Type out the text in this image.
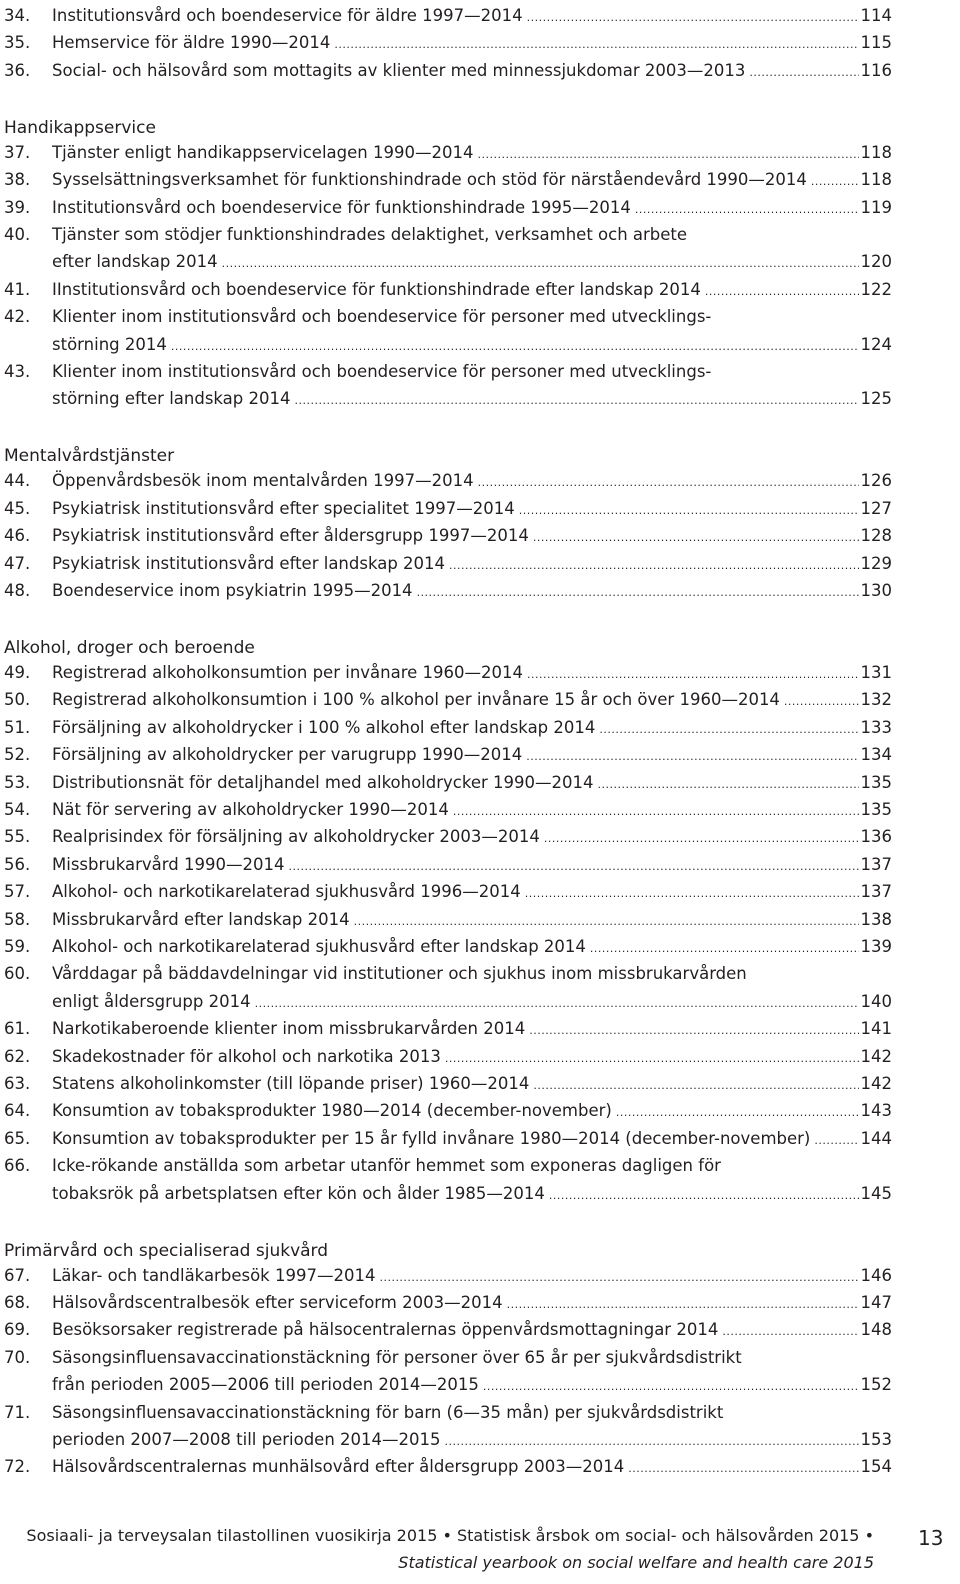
34.	Institutionsvård och boendeservice för äldre 1997—2014 .....	114
35.	Hemservice för äldre 1990—2014 .....	115
36.	Social- och hälsovård som mottagits av klienter med minnessjukdomar 2003—2013 .....	116
Handikappservice
37.	Tjänster enligt handikappservicelagen 1990—2014 .....	118
38.	Sysselsättningsverksamhet för funktionshindrade och stöd för närståendevård 1990—2014 .....	118
39.	Institutionsvård och boendeservice för funktionshindrade 1995—2014 .....	119
40.	Tjänster som stödjer funktionshindrades delaktighet, verksamhet och arbete
efter landskap 2014 .....	120
41.	IInstitutionsvård och boendeservice för funktionshindrade efter landskap 2014 .....	122
42.	Klienter inom institutionsvård och boendeservice för personer med utvecklings-
störning 2014 .....	124
43.	Klienter inom institutionsvård och boendeservice för personer med utvecklings-
störning efter landskap 2014 .....	125
Mentalvårdstjänster
44.	Öppenvårdsbesök inom mentalvården 1997—2014 .....	126
45.	Psykiatrisk institutionsvård efter specialitet 1997—2014 .....	127
46.	Psykiatrisk institutionsvård efter åldersgrupp 1997—2014 .....	128
47.	Psykiatrisk institutionsvård efter landskap 2014 .....	129
48.	Boendeservice inom psykiatrin 1995—2014 .....	130
Alkohol, droger och beroende
49.	Registrerad alkoholkonsumtion per invånare 1960—2014 .....	131
50.	Registrerad alkoholkonsumtion i 100 % alkohol per invånare 15 år och över 1960—2014 .....	132
51.	Försäljning av alkoholdrycker i 100 % alkohol efter landskap 2014 .....	133
52.	Försäljning av alkoholdrycker per varugrupp 1990—2014 .....	134
53.	Distributionsnät för detaljhandel med alkoholdrycker 1990—2014 .....	135
54.	Nät för servering av alkoholdrycker 1990—2014 .....	135
55.	Realprisindex för försäljning av alkoholdrycker 2003—2014 .....	136
56.	Missbrukarvård 1990—2014 .....	137
57.	Alkohol- och narkotikarelaterad sjukhusvård 1996—2014 .....	137
58.	Missbrukarvård efter landskap 2014 .....	138
59.	Alkohol- och narkotikarelaterad sjukhusvård efter landskap 2014 .....	139
60.	Vårddagar på bäddavdelningar vid institutioner och sjukhus inom missbrukarvården
enligt åldersgrupp 2014 .....	140
61.	Narkotikaberoende klienter inom missbrukarvården 2014 .....	141
62.	Skadekostnader för alkohol och narkotika 2013 .....	142
63.	Statens alkoholinkomster (till löpande priser) 1960—2014 .....	142
64.	Konsumtion av tobaksprodukter 1980—2014 (december-november) .....	143
65.	Konsumtion av tobaksprodukter per 15 år fylld invånare 1980—2014 (december-november) .....	144
66.	Icke-rökande anställda som arbetar utanför hemmet som exponeras dagligen för
tobaksrök på arbetsplatsen efter kön och ålder 1985—2014 .....	145
Primärvård och specialiserad sjukvård
67.	Läkar- och tandläkarbesök 1997—2014 .....	146
68.	Hälsovårdscentralbesök efter serviceform 2003—2014 .....	147
69.	Besöksorsaker registrerade på hälsocentralernas öppenvårdsmottagningar 2014 .....	148
70.	Säsongsinfluensavaccinationstäckning för personer över 65 år per sjukvårdsdistrikt
från perioden 2005—2006 till perioden 2014—2015 .....	152
71.	Säsongsinfluensavaccinationstäckning för barn (6—35 mån) per sjukvårdsdistrikt
perioden 2007—2008 till perioden 2014—2015 .....	153
72.	Hälsovårdscentralernas munhälsovård efter åldersgrupp 2003—2014 .....	154
Sosiaali- ja terveysalan tilastollinen vuosikirja 2015 • Statistisk årsbok om social- och hälsovården 2015 •
Statistical yearbook on social welfare and health care 2015
13
